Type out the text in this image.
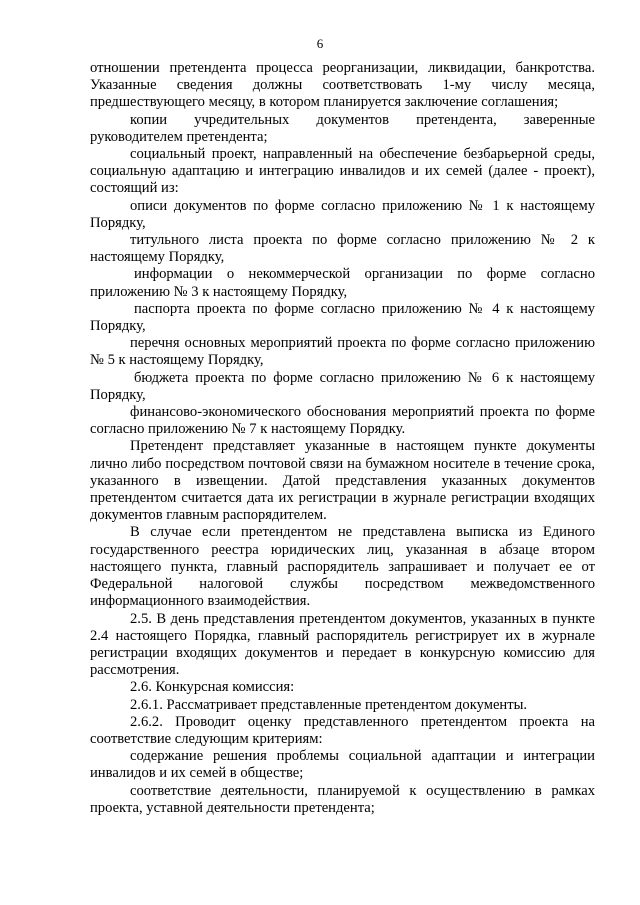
6

отношении претендента процесса реорганизации, ликвидации, банкротства. Указанные сведения должны соответствовать 1-му числу месяца, предшествующего месяцу, в котором планируется заключение соглашения;

копии учредительных документов претендента, заверенные руководителем претендента;

социальный проект, направленный на обеспечение безбарьерной среды, социальную адаптацию и интеграцию инвалидов и их семей (далее - проект), состоящий из:

описи документов по форме согласно приложению № 1 к настоящему Порядку,

титульного листа проекта по форме согласно приложению № 2 к настоящему Порядку,

информации о некоммерческой организации по форме согласно приложению № 3 к настоящему Порядку,

паспорта проекта по форме согласно приложению № 4 к настоящему Порядку,

перечня основных мероприятий проекта по форме согласно приложению № 5 к настоящему Порядку,

бюджета проекта по форме согласно приложению № 6 к настоящему Порядку,

финансово-экономического обоснования мероприятий проекта по форме согласно приложению № 7 к настоящему Порядку.

Претендент представляет указанные в настоящем пункте документы лично либо посредством почтовой связи на бумажном носителе в течение срока, указанного в извещении. Датой представления указанных документов претендентом считается дата их регистрации в журнале регистрации входящих документов главным распорядителем.

В случае если претендентом не представлена выписка из Единого государственного реестра юридических лиц, указанная в абзаце втором настоящего пункта, главный распорядитель запрашивает и получает ее от Федеральной налоговой службы посредством межведомственного информационного взаимодействия.

2.5. В день представления претендентом документов, указанных в пункте 2.4 настоящего Порядка, главный распорядитель регистрирует их в журнале регистрации входящих документов и передает в конкурсную комиссию для рассмотрения.

2.6. Конкурсная комиссия:

2.6.1. Рассматривает представленные претендентом документы.

2.6.2. Проводит оценку представленного претендентом проекта на соответствие следующим критериям:

содержание решения проблемы социальной адаптации и интеграции инвалидов и их семей в обществе;

соответствие деятельности, планируемой к осуществлению в рамках проекта, уставной деятельности претендента;
